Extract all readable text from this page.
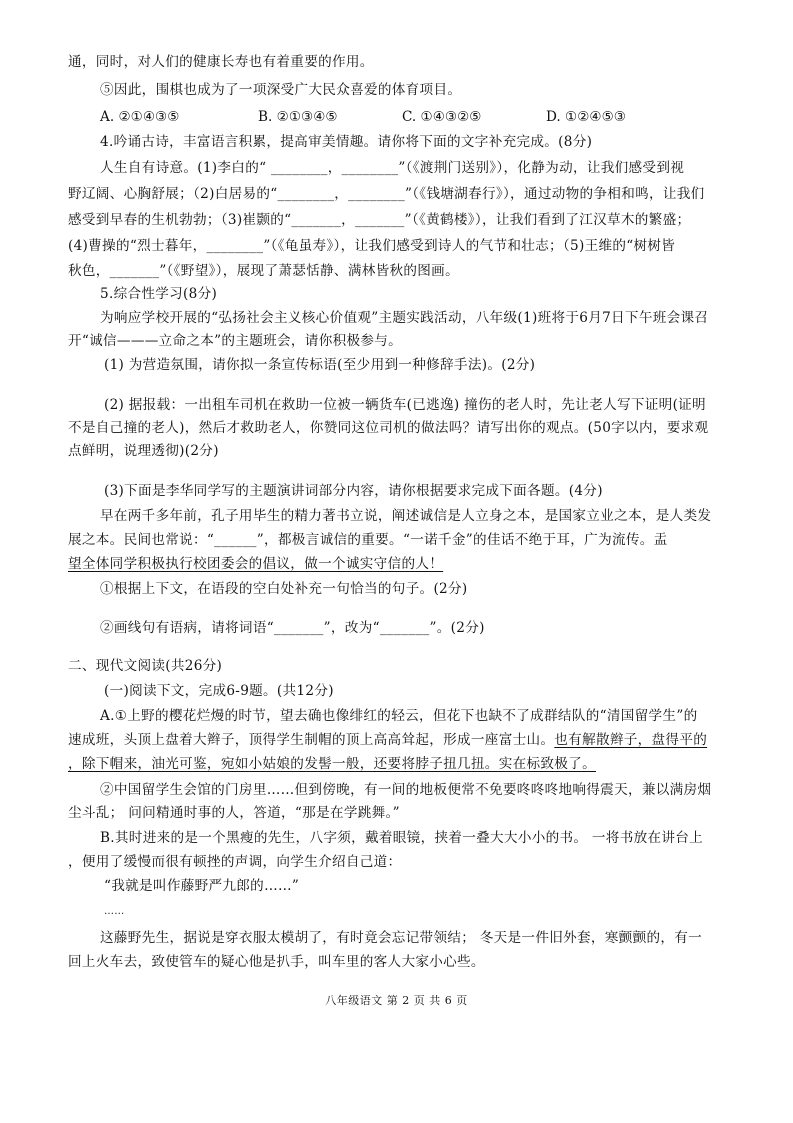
通，同时，对人们的健康长寿也有着重要的作用。
⑤因此，围棋也成为了一项深受广大民众喜爱的体育项目。
A. ②①④③⑤	B. ②①③④⑤	C. ①④③②⑤	D. ①②④⑤③
4.吟诵古诗，丰富语言积累，提高审美情趣。请你将下面的文字补充完成。(8分)
人生自有诗意。(1)李白的“ ________，________”（《渡荆门送别》），化静为动，让我们感受到视
野辽阔、心胸舒展；（2)白居易的“________，________”（《钱塘湖春行》），通过动物的争相和鸣，让我们
感受到早春的生机勃勃；（3)崔颢的“_______，_______”（《黄鹤楼》），让我们看到了江汉草木的繁盛；
(4)曹操的“烈士暮年，________”（《龟虽寿》），让我们感受到诗人的气节和壮志；（5)王维的“树树皆
秋色，_______”（《野望》），展现了萧瑟恬静、满林皆秋的图画。
5.综合性学习(8分)
为响应学校开展的“弘扬社会主义核心价值观”主题实践活动，八年级(1)班将于6月7日下午班会课召
开“诚信———立命之本”的主题班会，请你积极参与。
(1) 为营造氛围，请你拟一条宣传标语(至少用到一种修辞手法)。(2分)
(2) 据报载：一出租车司机在救助一位被一辆货车(已逃逸) 撞伤的老人时，先让老人写下证明(证明
不是自己撞的老人)，然后才救助老人，你赞同这位司机的做法吗？请写出你的观点。(50字以内，要求观
点鲜明，说理透彻)(2分)
(3)下面是李华同学写的主题演讲词部分内容，请你根据要求完成下面各题。(4分)
早在两千多年前，孔子用毕生的精力著书立说，阐述诚信是人立身之本，是国家立业之本，是人类发
展之本。民间也常说：“______”，都极言诚信的重要。“一诺千金”的佳话不绝于耳，广为流传。盂
望全体同学积极执行校团委会的倡议，做一个诚实守信的人！
①根据上下文，在语段的空白处补充一句恰当的句子。(2分)
②画线句有语病，请将词语“_______”，改为“_______”。(2分)
二、现代文阅读(共26分)
(一)阅读下文，完成6-9题。(共12分)
A.①上野的樱花烂熳的时节，望去确也像绯红的轻云，但花下也缺不了成群结队的“清国留学生”的
速成班，头顶上盘着大辫子，顶得学生制帽的顶上高高耸起，形成一座富士山。也有解散辫子，盘得平的
，除下帽来，油光可鉴，宛如小姑娘的发髻一般，还要将脖子扭几扭。实在标致极了。
②中国留学生会馆的门房里……但到傍晚，有一间的地板便常不免要咚咚咚地响得震天，兼以满房烟
尘斗乱； 问问精通时事的人，答道，“那是在学跳舞。”
B.其时进来的是一个黑瘦的先生，八字须，戴着眼镜，挟着一叠大大小小的书。 一将书放在讲台上
，便用了缓慢而很有顿挫的声调，向学生介绍自己道：
“我就是叫作藤野严九郎的……”
……
这藤野先生，据说是穿衣服太模胡了，有时竟会忘记带领结； 冬天是一件旧外套，寒颤颤的，有一
回上火车去，致使管车的疑心他是扒手，叫车里的客人大家小心些。
八年级语文 第 2 页 共 6 页
